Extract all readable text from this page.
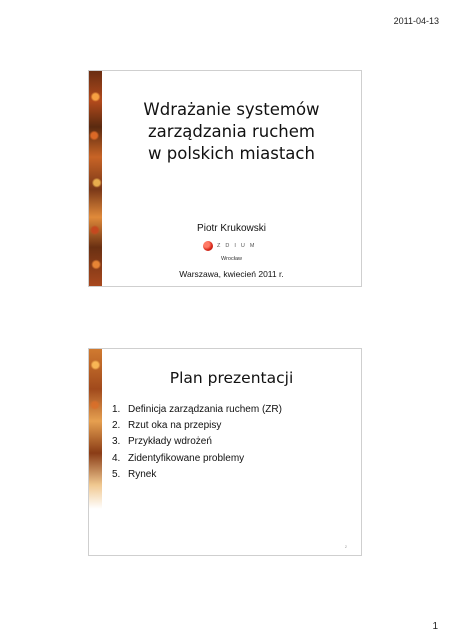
2011-04-13
Wdrażanie systemów
zarządzania ruchem
w polskich miastach
Piotr Krukowski
ZDIUM
Wrocław
Warszawa, kwiecień 2011 r.
Plan prezentacji
1. Definicja zarządzania ruchem (ZR)
2. Rzut oka na przepisy
3. Przykłady wdrożeń
4. Zidentyfikowane problemy
5. Rynek
2
1
